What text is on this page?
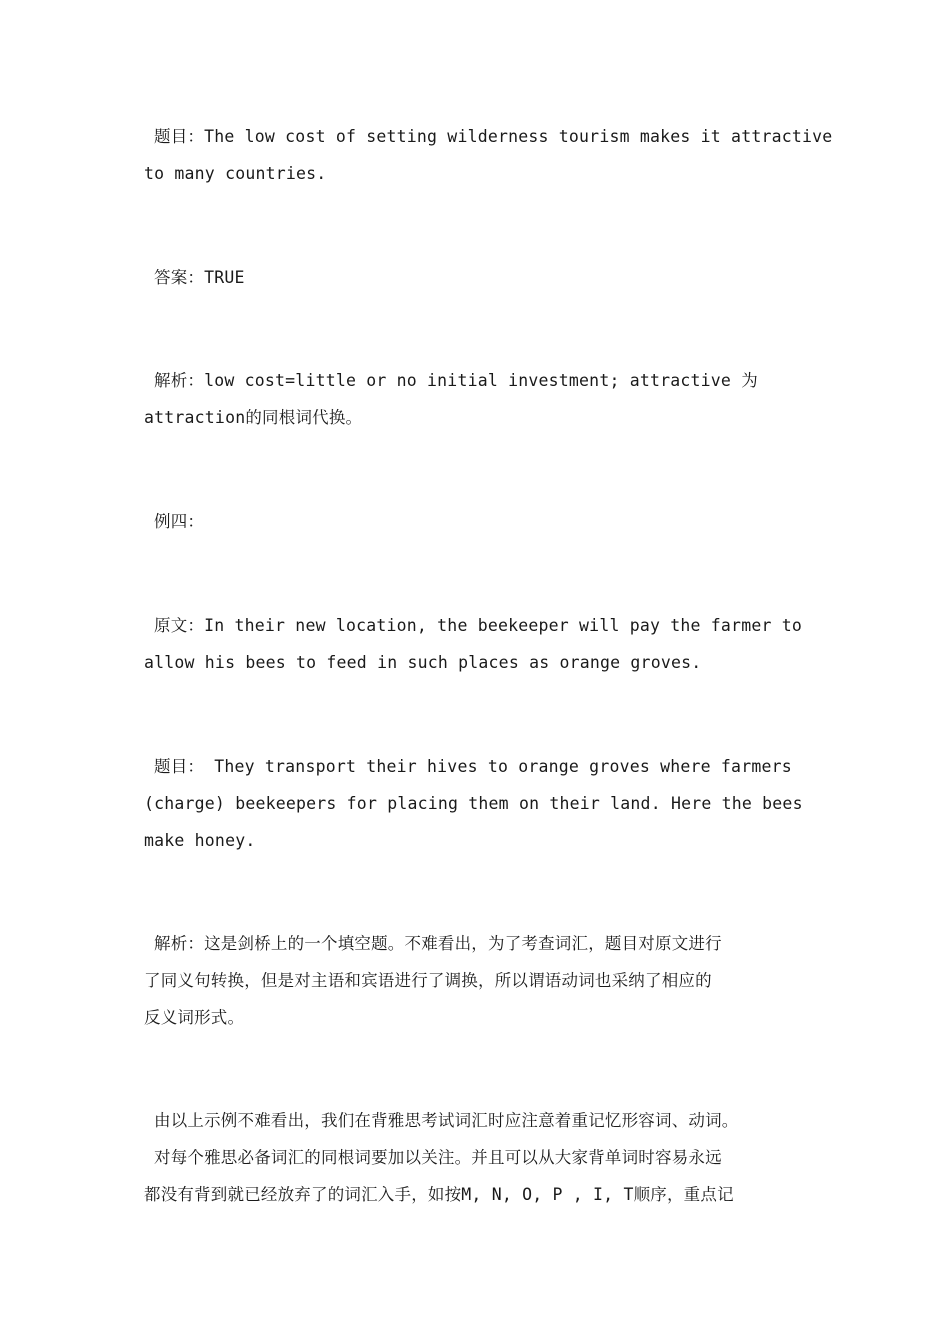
题目：The low cost of setting wilderness tourism makes it attractive
to many countries.
答案：TRUE
解析：low cost=little or no initial investment; attractive 为
attraction的同根词代换。
例四：
原文：In their new location, the beekeeper will pay the farmer to
allow his bees to feed in such places as orange groves.
题目： They transport their hives to orange groves where farmers
(charge) beekeepers for placing them on their land. Here the bees
make honey.
解析：这是剑桥上的一个填空题。不难看出，为了考查词汇，题目对原文进行
了同义句转换，但是对主语和宾语进行了调换，所以谓语动词也采纳了相应的
反义词形式。
由以上示例不难看出，我们在背雅思考试词汇时应注意着重记忆形容词、动词。
对每个雅思必备词汇的同根词要加以关注。并且可以从大家背单词时容易永远
都没有背到就已经放弃了的词汇入手，如按M, N, O, P , I, T顺序，重点记
